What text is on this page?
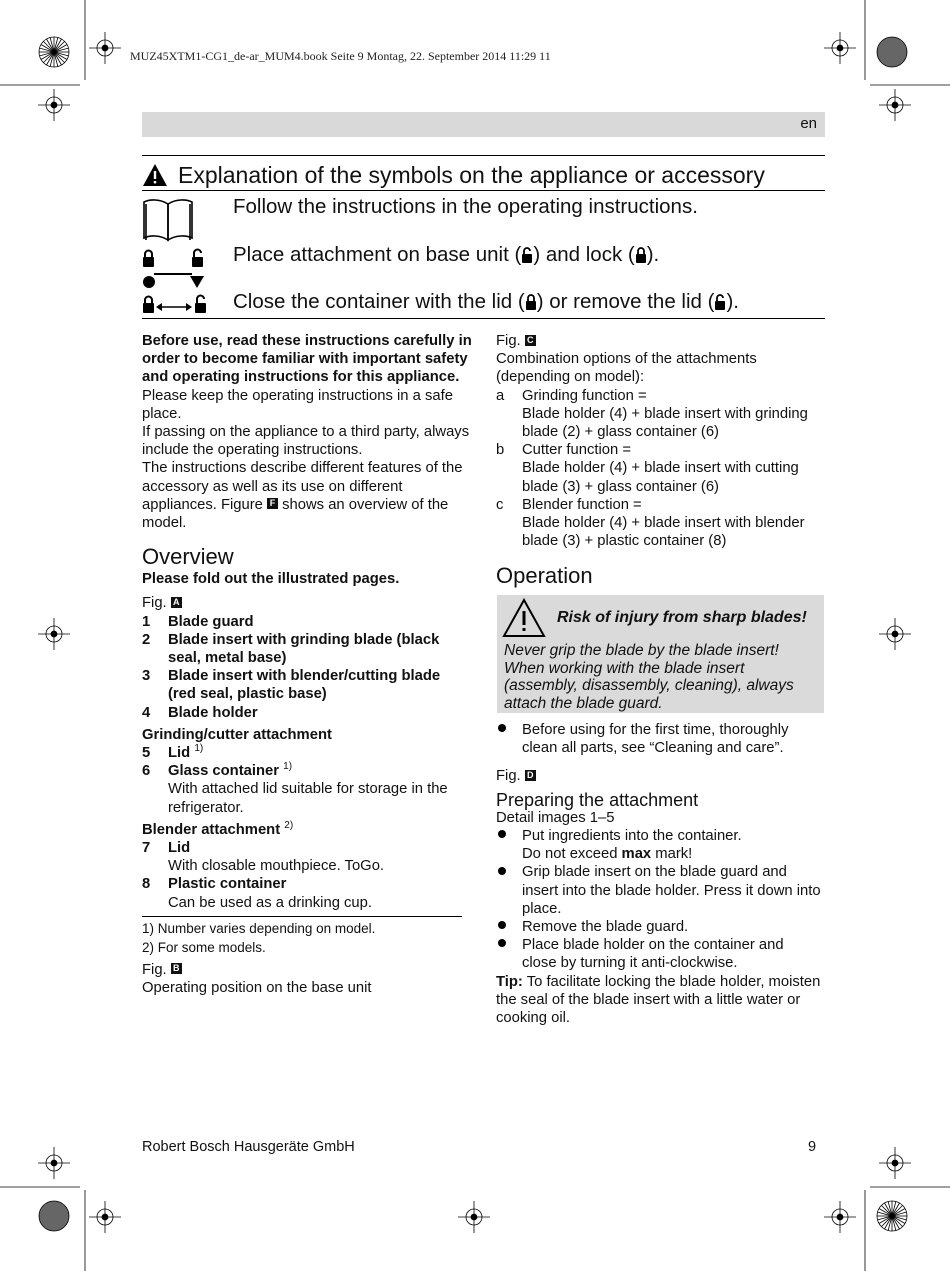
MUZ45XTM1-CG1_de-ar_MUM4.book Seite 9 Montag, 22. September 2014 11:29 11
en
Explanation of the symbols on the appliance or accessory
Follow the instructions in the operating instructions.
Place attachment on base unit ( ) and lock ( ).
Close the container with the lid ( ) or remove the lid ( ).

Before use, read these instructions carefully in order to become familiar with important safety and operating instructions for this appliance.

Please keep the operating instructions in a safe place.

If passing on the appliance to a third party, always include the operating instructions.

The instructions describe different features of the accessory as well as its use on different appliances. Figure F shows an overview of the model.

Overview

Please fold out the illustrated pages.

Fig. A

1	Blade guard
2	Blade insert with grinding blade (black seal, metal base)
3	Blade insert with blender/cutting blade (red seal, plastic base)
4	Blade holder

Grinding/cutter attachment

5	Lid $^{1)}$
6	Glass container $^{1)}$
With attached lid suitable for storage in the refrigerator.

Blender attachment $^{2)}$

7	Lid
With closable mouthpiece. ToGo.
8	Plastic container
Can be used as a drinking cup.
1) Number varies depending on model.
2) For some models.

Fig. B

Operating position on the base unit

Fig. C

Combination options of the attachments (depending on model):

a	Grinding function =
Blade holder (4) + blade insert with grinding blade (2) + glass container (6)
b	Cutter function =
Blade holder (4) + blade insert with cutting blade (3) + glass container (6)
c	Blender function =
Blade holder (4) + blade insert with blender blade (3) + plastic container (8)
Operation
Risk of injury from sharp blades!
Never grip the blade by the blade insert! When working with the blade insert (assembly, disassembly, cleaning), always attach the blade guard.
Before using for the first time, thoroughly clean all parts, see “Cleaning and care”.

Fig. D

Preparing the attachment

Detail images 1–5

Put ingredients into the container.
Do not exceed max mark!
Grip blade insert on the blade guard and insert into the blade holder. Press it down into place.
Remove the blade guard.
Place blade holder on the container and close by turning it anti-clockwise.

Tip: To facilitate locking the blade holder, moisten the seal of the blade insert with a little water or cooking oil.

Robert Bosch Hausgeräte GmbH	9
